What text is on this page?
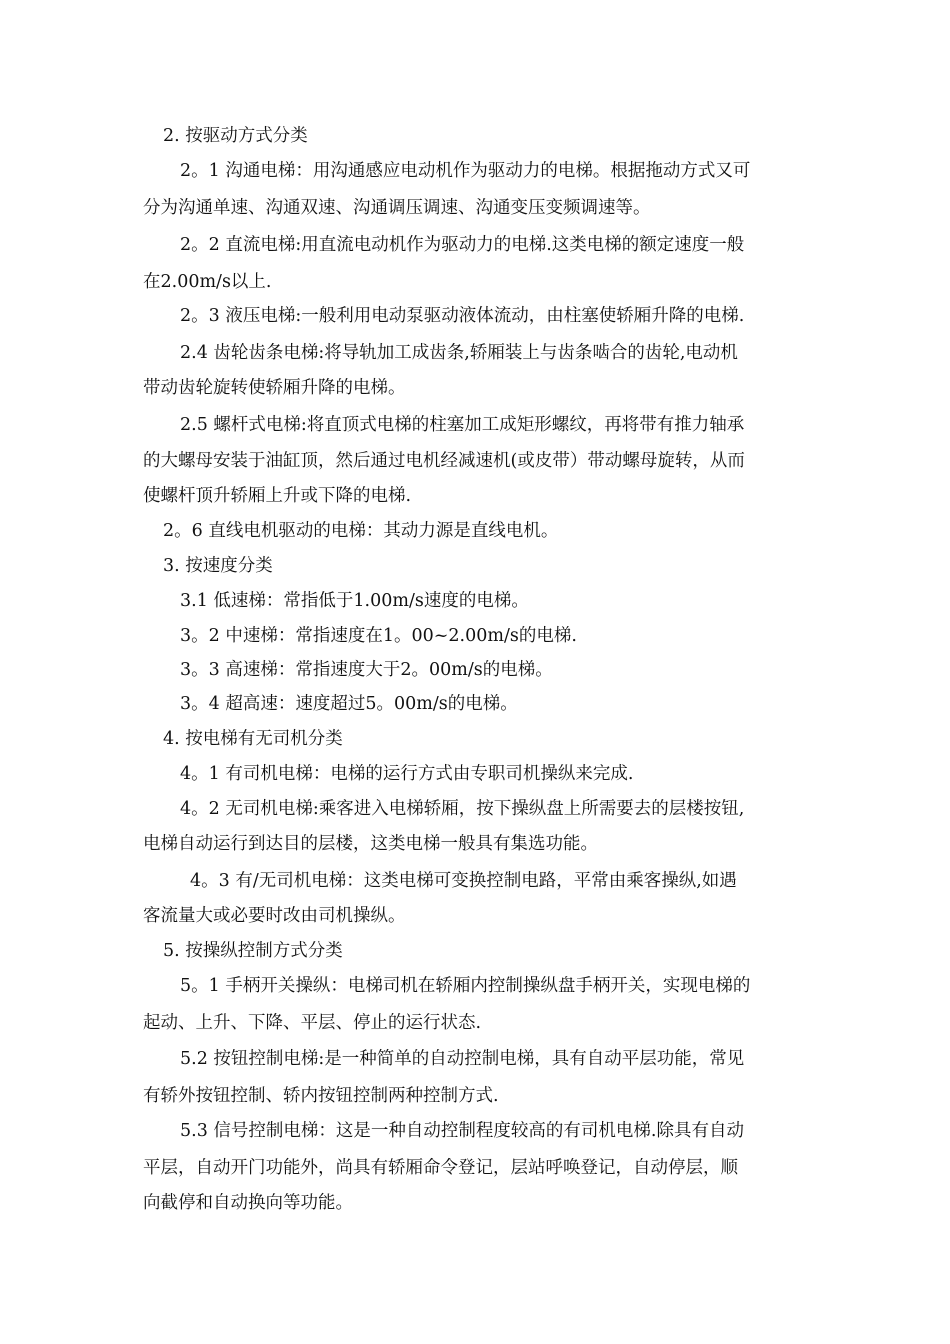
2. 按驱动方式分类
2。1 沟通电梯：用沟通感应电动机作为驱动力的电梯。根据拖动方式又可
分为沟通单速、沟通双速、沟通调压调速、沟通变压变频调速等。
2。2 直流电梯:用直流电动机作为驱动力的电梯.这类电梯的额定速度一般
在2.00m/s以上.
2。3 液压电梯:一般利用电动泵驱动液体流动，由柱塞使轿厢升降的电梯.
2.4 齿轮齿条电梯:将导轨加工成齿条,轿厢装上与齿条啮合的齿轮,电动机
带动齿轮旋转使轿厢升降的电梯。
2.5 螺杆式电梯:将直顶式电梯的柱塞加工成矩形螺纹，再将带有推力轴承
的大螺母安装于油缸顶，然后通过电机经减速机(或皮带）带动螺母旋转，从而
使螺杆顶升轿厢上升或下降的电梯.
2。6 直线电机驱动的电梯：其动力源是直线电机。
3. 按速度分类
3.1 低速梯：常指低于1.00m/s速度的电梯。
3。2 中速梯：常指速度在1。00~2.00m/s的电梯.
3。3 高速梯：常指速度大于2。00m/s的电梯。
3。4 超高速：速度超过5。00m/s的电梯。
4. 按电梯有无司机分类
4。1 有司机电梯：电梯的运行方式由专职司机操纵来完成.
4。2 无司机电梯:乘客进入电梯轿厢，按下操纵盘上所需要去的层楼按钮,
电梯自动运行到达目的层楼，这类电梯一般具有集选功能。
4。3 有/无司机电梯：这类电梯可变换控制电路，平常由乘客操纵,如遇
客流量大或必要时改由司机操纵。
5. 按操纵控制方式分类
5。1 手柄开关操纵：电梯司机在轿厢内控制操纵盘手柄开关，实现电梯的
起动、上升、下降、平层、停止的运行状态.
5.2 按钮控制电梯:是一种简单的自动控制电梯，具有自动平层功能，常见
有轿外按钮控制、轿内按钮控制两种控制方式.
5.3 信号控制电梯：这是一种自动控制程度较高的有司机电梯.除具有自动
平层，自动开门功能外，尚具有轿厢命令登记，层站呼唤登记，自动停层，顺
向截停和自动换向等功能。
